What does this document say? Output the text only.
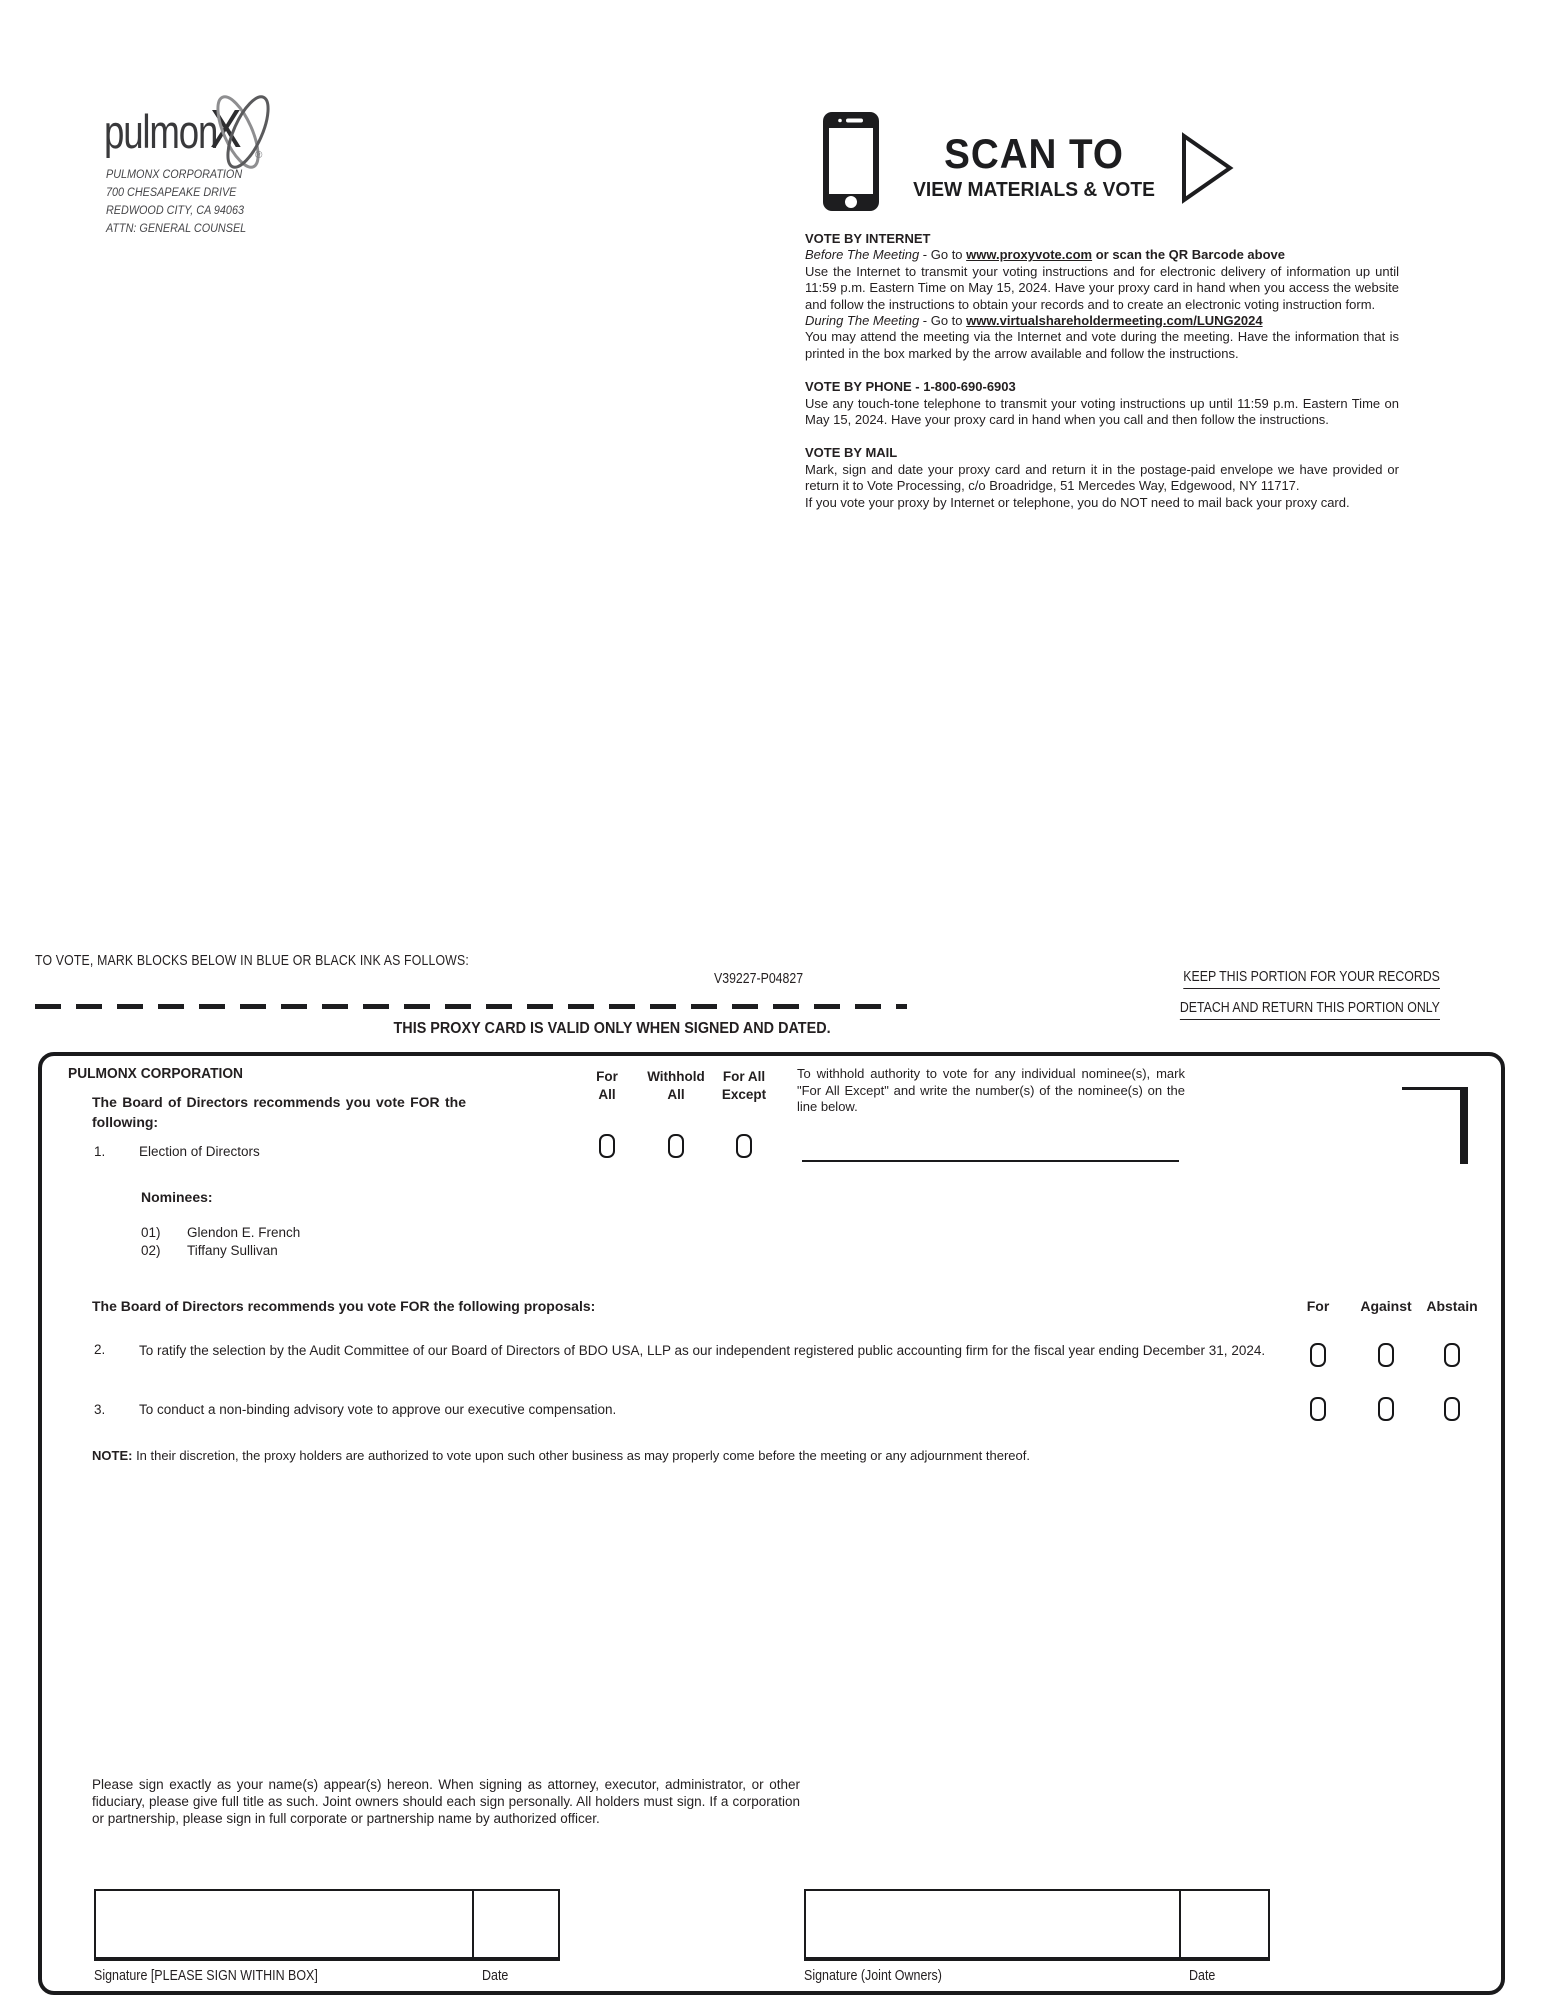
pulmon
X ®
PULMONX CORPORATION
700 CHESAPEAKE DRIVE
REDWOOD CITY, CA 94063
ATTN: GENERAL COUNSEL
SCAN TO
VIEW MATERIALS & VOTE
VOTE BY INTERNET

Before The Meeting - Go to www.proxyvote.com or scan the QR Barcode above

Use the Internet to transmit your voting instructions and for electronic delivery of information up until 11:59 p.m. Eastern Time on May 15, 2024. Have your proxy card in hand when you access the website and follow the instructions to obtain your records and to create an electronic voting instruction form.

During The Meeting - Go to www.virtualshareholdermeeting.com/LUNG2024

You may attend the meeting via the Internet and vote during the meeting. Have the information that is printed in the box marked by the arrow available and follow the instructions.

VOTE BY PHONE - 1-800-690-6903

Use any touch-tone telephone to transmit your voting instructions up until 11:59 p.m. Eastern Time on May 15, 2024. Have your proxy card in hand when you call and then follow the instructions.

VOTE BY MAIL

Mark, sign and date your proxy card and return it in the postage-paid envelope we have provided or return it to Vote Processing, c/o Broadridge, 51 Mercedes Way, Edgewood, NY 11717.

If you vote your proxy by Internet or telephone, you do NOT need to mail back your proxy card.

TO VOTE, MARK BLOCKS BELOW IN BLUE OR BLACK INK AS FOLLOWS:
V39227-P04827	KEEP THIS PORTION FOR YOUR RECORDS
DETACH AND RETURN THIS PORTION ONLY
THIS PROXY CARD IS VALID ONLY WHEN SIGNED AND DATED.
PULMONX CORPORATION
The Board of Directors recommends you vote FOR the following:
For
All
Withhold
All
For All
Except
To withhold authority to vote for any individual nominee(s), mark "For All Except" and write the number(s) of the nominee(s) on the line below.
1. Election of Directors
Nominees:
01) Glendon E. French
02) Tiffany Sullivan
The Board of Directors recommends you vote FOR the following proposals:	For	Against	Abstain
2. To ratify the selection by the Audit Committee of our Board of Directors of BDO USA, LLP as our independent registered public accounting firm for the fiscal year ending December 31, 2024.
3. To conduct a non-binding advisory vote to approve our executive compensation.
NOTE: In their discretion, the proxy holders are authorized to vote upon such other business as may properly come before the meeting or any adjournment thereof.
Please sign exactly as your name(s) appear(s) hereon. When signing as attorney, executor, administrator, or other fiduciary, please give full title as such. Joint owners should each sign personally. All holders must sign. If a corporation or partnership, please sign in full corporate or partnership name by authorized officer.
Signature [PLEASE SIGN WITHIN BOX]	Date	Signature (Joint Owners)	Date
